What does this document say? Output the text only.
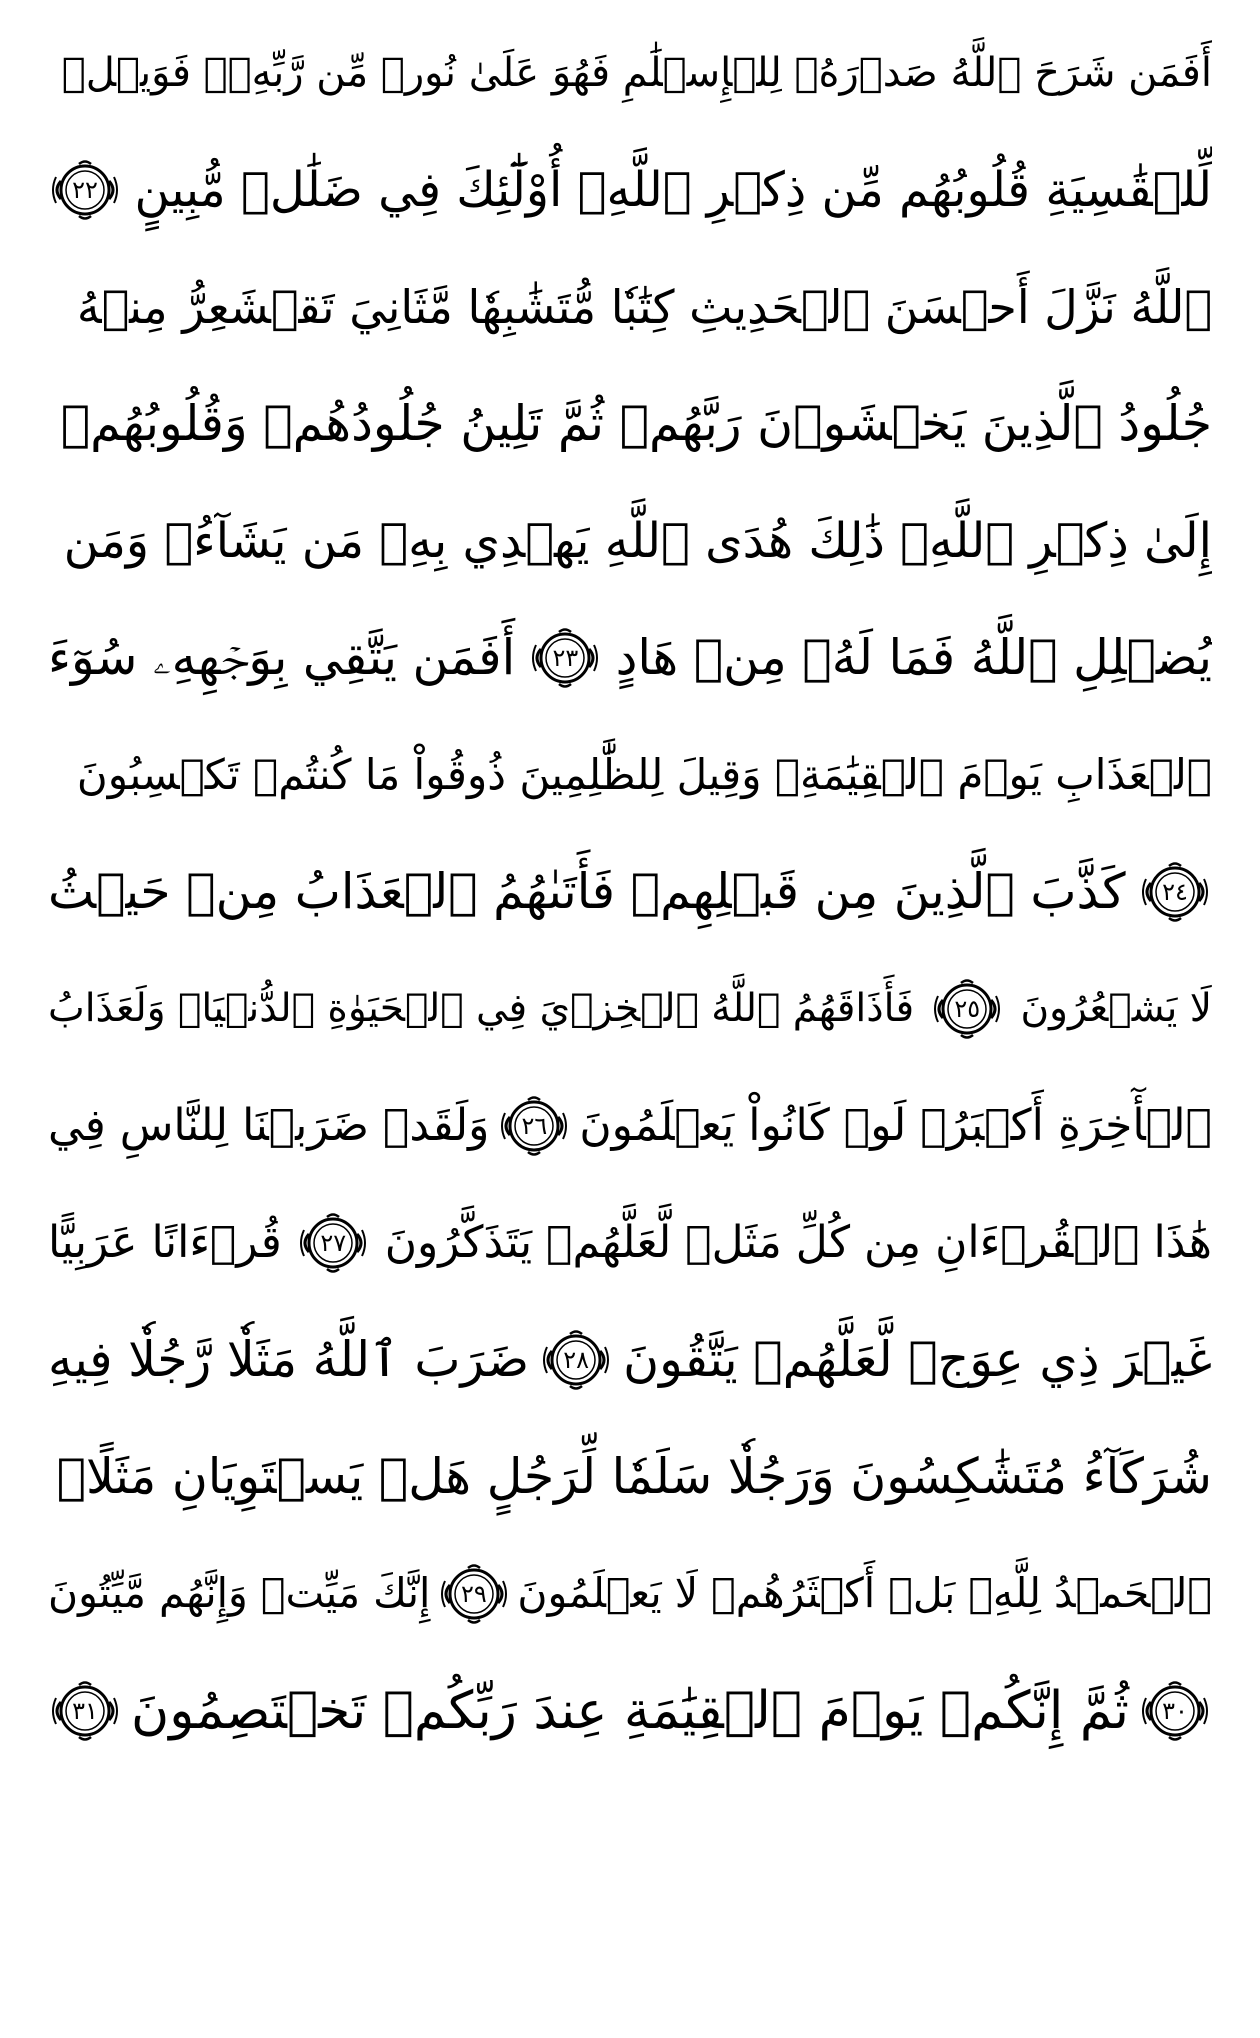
أَفَمَن شَرَحَ ٱللَّهُ صَدۡرَهُۥ لِلۡإِسۡلَٰمِ فَهُوَ عَلَىٰ نُورٖ مِّن رَّبِّهِۦۚ فَوَيۡلٞ
لِّلۡقَٰسِيَةِ قُلُوبُهُم مِّن ذِكۡرِ ٱللَّهِۚ أُوْلَٰٓئِكَ فِي ضَلَٰلٖ مُّبِينٍ
٢٢
ٱللَّهُ نَزَّلَ أَحۡسَنَ ٱلۡحَدِيثِ كِتَٰبٗا مُّتَشَٰبِهٗا مَّثَانِيَ تَقۡشَعِرُّ مِنۡهُ
جُلُودُ ٱلَّذِينَ يَخۡشَوۡنَ رَبَّهُمۡ ثُمَّ تَلِينُ جُلُودُهُمۡ وَقُلُوبُهُمۡ
إِلَىٰ ذِكۡرِ ٱللَّهِۚ ذَٰلِكَ هُدَى ٱللَّهِ يَهۡدِي بِهِۦ مَن يَشَآءُۚ وَمَن
يُضۡلِلِ ٱللَّهُ فَمَا لَهُۥ مِنۡ هَادٍ
٢٣
أَفَمَن يَتَّقِي بِوَجۡهِهِۦ سُوٓءَ
ٱلۡعَذَابِ يَوۡمَ ٱلۡقِيَٰمَةِۚ وَقِيلَ لِلظَّٰلِمِينَ ذُوقُواْ مَا كُنتُمۡ تَكۡسِبُونَ
٢٤
كَذَّبَ ٱلَّذِينَ مِن قَبۡلِهِمۡ فَأَتَىٰهُمُ ٱلۡعَذَابُ مِنۡ حَيۡثُ
لَا يَشۡعُرُونَ
٢٥
فَأَذَاقَهُمُ ٱللَّهُ ٱلۡخِزۡيَ فِي ٱلۡحَيَوٰةِ ٱلدُّنۡيَاۖ وَلَعَذَابُ
ٱلۡأٓخِرَةِ أَكۡبَرُۚ لَوۡ كَانُواْ يَعۡلَمُونَ
٢٦
وَلَقَدۡ ضَرَبۡنَا لِلنَّاسِ فِي
هَٰذَا ٱلۡقُرۡءَانِ مِن كُلِّ مَثَلٖ لَّعَلَّهُمۡ يَتَذَكَّرُونَ
٢٧
قُرۡءَانًا عَرَبِيًّا
غَيۡرَ ذِي عِوَجٖ لَّعَلَّهُمۡ يَتَّقُونَ
٢٨
ضَرَبَ ٱللَّهُ مَثَلٗا رَّجُلٗا فِيهِ
شُرَكَآءُ مُتَشَٰكِسُونَ وَرَجُلٗا سَلَمٗا لِّرَجُلٍ هَلۡ يَسۡتَوِيَانِ مَثَلًاۚ
ٱلۡحَمۡدُ لِلَّهِۚ بَلۡ أَكۡثَرُهُمۡ لَا يَعۡلَمُونَ
٢٩
إِنَّكَ مَيِّتٞ وَإِنَّهُم مَّيِّتُونَ
٣٠
ثُمَّ إِنَّكُمۡ يَوۡمَ ٱلۡقِيَٰمَةِ عِندَ رَبِّكُمۡ تَخۡتَصِمُونَ
٣١
